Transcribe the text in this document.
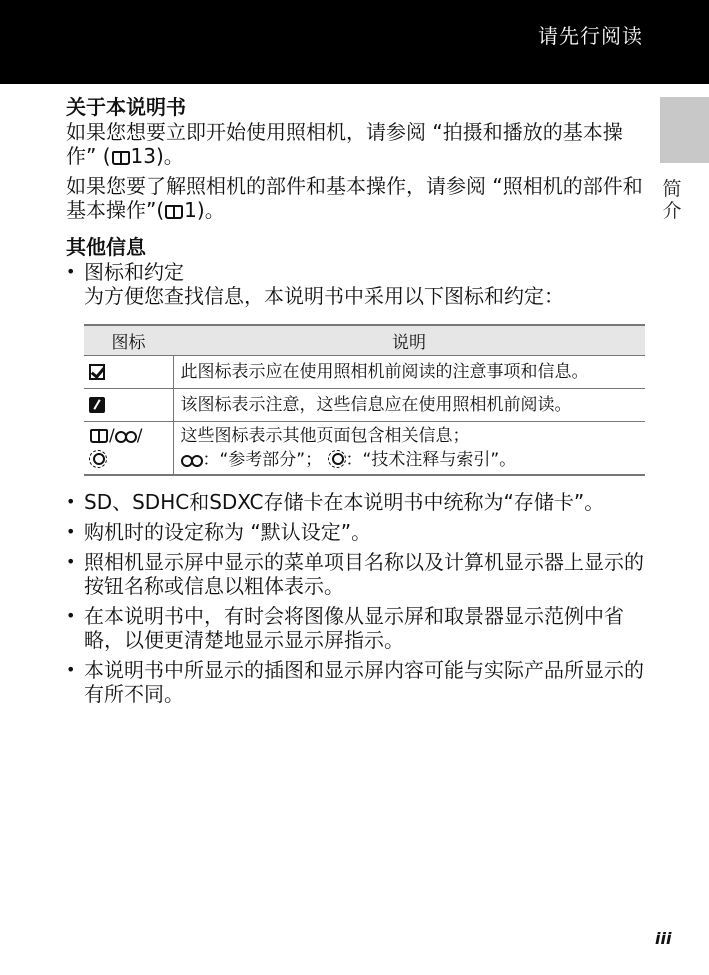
请先行阅读
简介
关于本说明书
如果您想要立即开始使用照相机，请参阅 “拍摄和播放的基本操作” ( 13)。
如果您要了解照相机的部件和基本操作，请参阅 “照相机的部件和基本操作”( 1)。
其他信息
• 图标和约定
为方便您查找信息，本说明书中采用以下图标和约定：
图标	说明
	此图标表示应在使用照相机前阅读的注意事项和信息。
	该图标表示注意，这些信息应在使用照相机前阅读。
/ /	这些图标表示其他页面包含相关信息；
：“参考部分”； ：“技术注释与索引”。
• SD、SDHC和SDXC存储卡在本说明书中统称为“存储卡”。
• 购机时的设定称为 “默认设定”。
• 照相机显示屏中显示的菜单项目名称以及计算机显示器上显示的按钮名称或信息以粗体表示。
• 在本说明书中，有时会将图像从显示屏和取景器显示范例中省略，以便更清楚地显示显示屏指示。
• 本说明书中所显示的插图和显示屏内容可能与实际产品所显示的有所不同。
iii
